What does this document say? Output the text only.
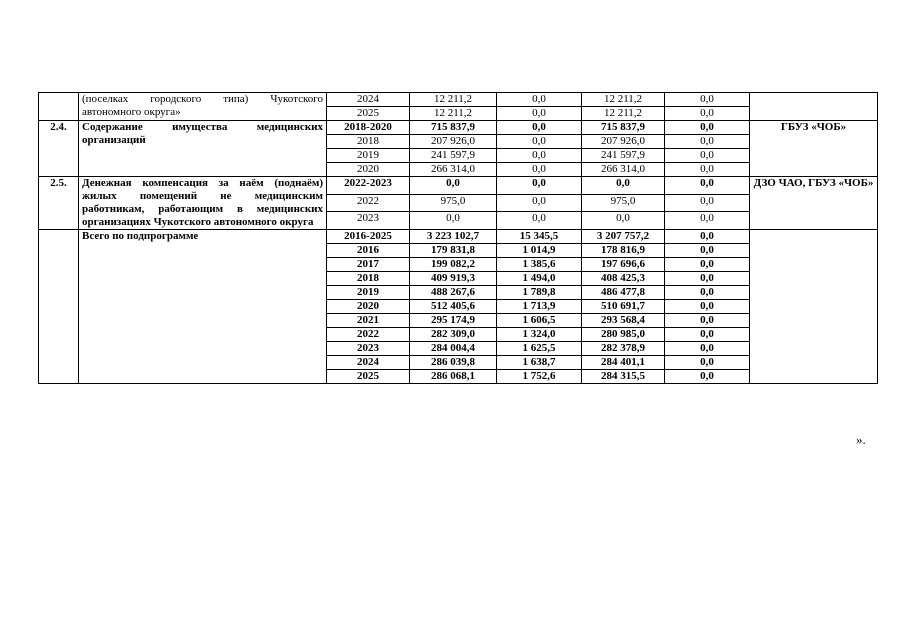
	(поселках городского типа) Чукотского автономного округа»	2024	12 211,2	0,0	12 211,2	0,0	
		2025	12 211,2	0,0	12 211,2	0,0	
2.4.	Содержание имущества медицинских организаций	2018-2020	715 837,9	0,0	715 837,9	0,0	ГБУЗ «ЧОБ»
		2018	207 926,0	0,0	207 926,0	0,0	
		2019	241 597,9	0,0	241 597,9	0,0	
		2020	266 314,0	0,0	266 314,0	0,0	
2.5.	Денежная компенсация за наём (поднаём) жилых помещений не медицинским работникам, работающим в медицинских организациях Чукотского автономного округа	2022-2023	0,0	0,0	0,0	0,0	ДЗО ЧАО, ГБУЗ «ЧОБ»
		2022	975,0	0,0	975,0	0,0	
		2023	0,0	0,0	0,0	0,0	
	Всего по подпрограмме	2016-2025	3 223 102,7	15 345,5	3 207 757,2	0,0	
		2016	179 831,8	1 014,9	178 816,9	0,0	
		2017	199 082,2	1 385,6	197 696,6	0,0	
		2018	409 919,3	1 494,0	408 425,3	0,0	
		2019	488 267,6	1 789,8	486 477,8	0,0	
		2020	512 405,6	1 713,9	510 691,7	0,0	
		2021	295 174,9	1 606,5	293 568,4	0,0	
		2022	282 309,0	1 324,0	280 985,0	0,0	
		2023	284 004,4	1 625,5	282 378,9	0,0	
		2024	286 039,8	1 638,7	284 401,1	0,0	
		2025	286 068,1	1 752,6	284 315,5	0,0	
».
